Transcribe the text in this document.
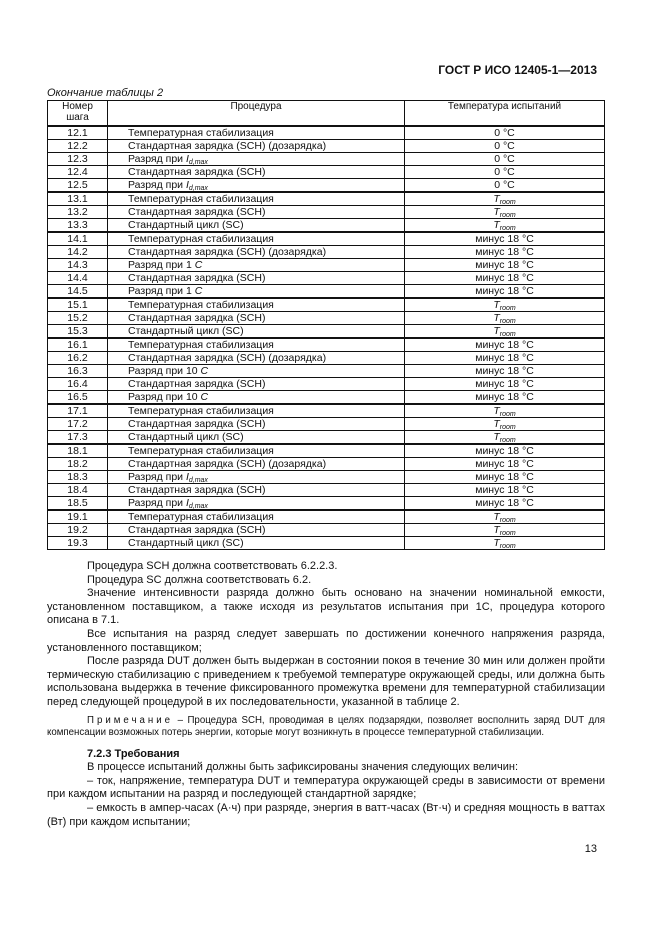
ГОСТ Р ИСО 12405-1—2013
Окончание таблицы 2
Номер шага	Процедура	Температура испытаний
12.1	Температурная стабилизация	0 °C
12.2	Стандартная зарядка (SCH) (дозарядка)	0 °C
12.3	Разряд при $I_{d,max}$	0 °C
12.4	Стандартная зарядка (SCH)	0 °C
12.5	Разряд при $I_{d,max}$	0 °C
13.1	Температурная стабилизация	$T_{room}$
13.2	Стандартная зарядка (SCH)	$T_{room}$
13.3	Стандартный цикл (SC)	$T_{room}$
14.1	Температурная стабилизация	минус 18 °C
14.2	Стандартная зарядка (SCH) (дозарядка)	минус 18 °C
14.3	Разряд при 1 C	минус 18 °C
14.4	Стандартная зарядка (SCH)	минус 18 °C
14.5	Разряд при 1 C	минус 18 °C
15.1	Температурная стабилизация	$T_{room}$
15.2	Стандартная зарядка (SCH)	$T_{room}$
15.3	Стандартный цикл (SC)	$T_{room}$
16.1	Температурная стабилизация	минус 18 °C
16.2	Стандартная зарядка (SCH) (дозарядка)	минус 18 °C
16.3	Разряд при 10 C	минус 18 °C
16.4	Стандартная зарядка (SCH)	минус 18 °C
16.5	Разряд при 10 C	минус 18 °C
17.1	Температурная стабилизация	$T_{room}$
17.2	Стандартная зарядка (SCH)	$T_{room}$
17.3	Стандартный цикл (SC)	$T_{room}$
18.1	Температурная стабилизация	минус 18 °C
18.2	Стандартная зарядка (SCH) (дозарядка)	минус 18 °C
18.3	Разряд при $I_{d,max}$	минус 18 °C
18.4	Стандартная зарядка (SCH)	минус 18 °C
18.5	Разряд при $I_{d,max}$	минус 18 °C
19.1	Температурная стабилизация	$T_{room}$
19.2	Стандартная зарядка (SCH)	$T_{room}$
19.3	Стандартный цикл (SC)	$T_{room}$

Процедура SCH должна соответствовать 6.2.2.3.

Процедура SC должна соответствовать 6.2.

Значение интенсивности разряда должно быть основано на значении номинальной емкости, установленном поставщиком, а также исходя из результатов испытания при 1C, процедура которого описана в 7.1.

Все испытания на разряд следует завершать по достижении конечного напряжения разряда, установленного поставщиком;

После разряда DUT должен быть выдержан в состоянии покоя в течение 30 мин или должен пройти термическую стабилизацию с приведением к требуемой температуре окружающей среды, или должна быть использована выдержка в течение фиксированного промежутка времени для температурной стабилизации перед следующей процедурой в их последовательности, указанной в таблице 2.

Примечание – Процедура SCH, проводимая в целях подзарядки, позволяет восполнить заряд DUT для компенсации возможных потерь энергии, которые могут возникнуть в процессе температурной стабилизации.

7.2.3 Требования

В процессе испытаний должны быть зафиксированы значения следующих величин:

– ток, напряжение, температура DUT и температура окружающей среды в зависимости от времени при каждом испытании на разряд и последующей стандартной зарядке;

– емкость в ампер-часах (А·ч) при разряде, энергия в ватт-часах (Вт·ч) и средняя мощность в ваттах (Вт) при каждом испытании;

13
